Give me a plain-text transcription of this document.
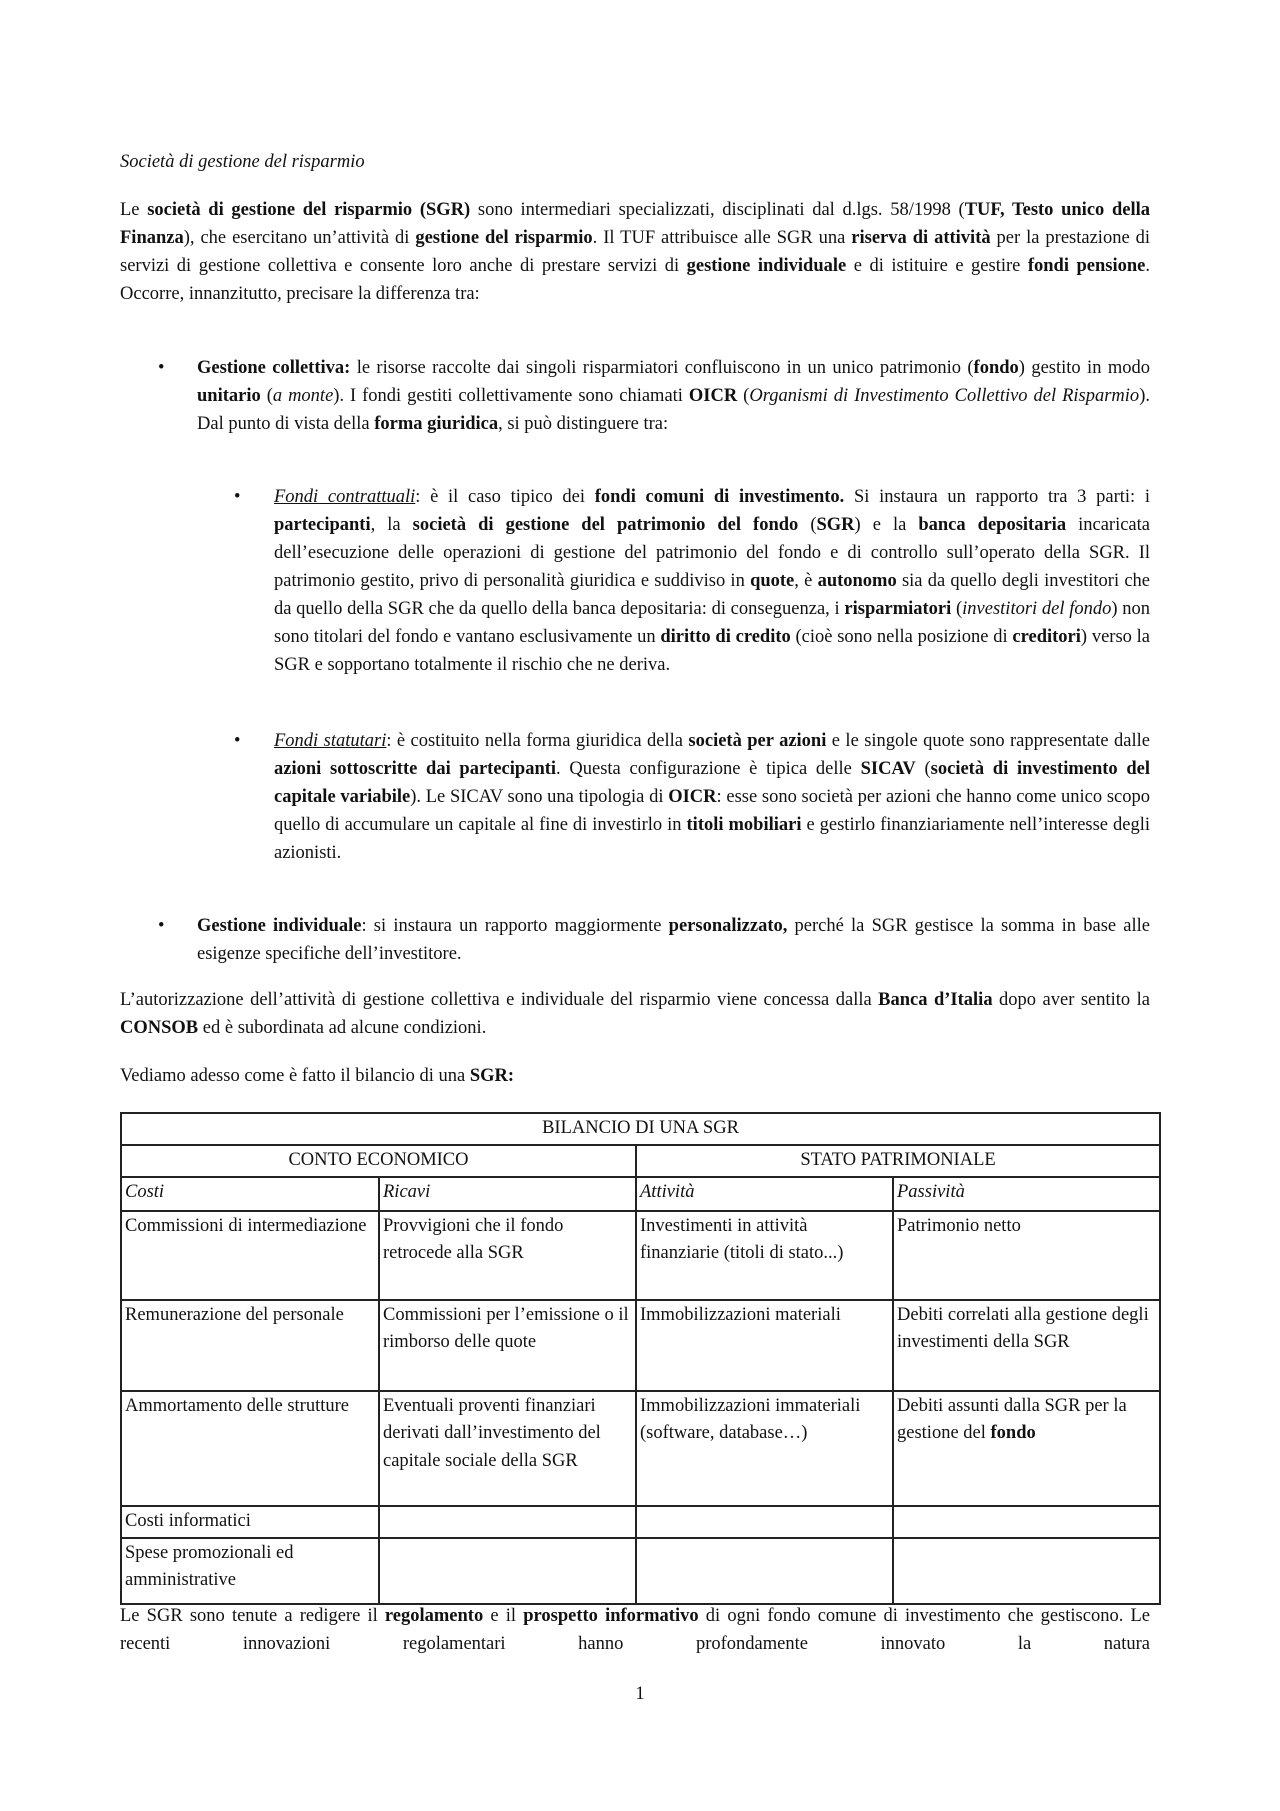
Società di gestione del risparmio
Le società di gestione del risparmio (SGR) sono intermediari specializzati, disciplinati dal d.lgs. 58/1998 (TUF, Testo unico della Finanza), che esercitano un’attività di gestione del risparmio. Il TUF attribuisce alle SGR una riserva di attività per la prestazione di servizi di gestione collettiva e consente loro anche di prestare servizi di gestione individuale e di istituire e gestire fondi pensione. Occorre, innanzitutto, precisare la differenza tra:
• Gestione collettiva: le risorse raccolte dai singoli risparmiatori confluiscono in un unico patrimonio (fondo) gestito in modo unitario (a monte). I fondi gestiti collettivamente sono chiamati OICR (Organismi di Investimento Collettivo del Risparmio). Dal punto di vista della forma giuridica, si può distinguere tra:
• Fondi contrattuali: è il caso tipico dei fondi comuni di investimento. Si instaura un rapporto tra 3 parti: i partecipanti, la società di gestione del patrimonio del fondo (SGR) e la banca depositaria incaricata dell’esecuzione delle operazioni di gestione del patrimonio del fondo e di controllo sull’operato della SGR. Il patrimonio gestito, privo di personalità giuridica e suddiviso in quote, è autonomo sia da quello degli investitori che da quello della SGR che da quello della banca depositaria: di conseguenza, i risparmiatori (investitori del fondo) non sono titolari del fondo e vantano esclusivamente un diritto di credito (cioè sono nella posizione di creditori) verso la SGR e sopportano totalmente il rischio che ne deriva.
• Fondi statutari: è costituito nella forma giuridica della società per azioni e le singole quote sono rappresentate dalle azioni sottoscritte dai partecipanti. Questa configurazione è tipica delle SICAV (società di investimento del capitale variabile). Le SICAV sono una tipologia di OICR: esse sono società per azioni che hanno come unico scopo quello di accumulare un capitale al fine di investirlo in titoli mobiliari e gestirlo finanziariamente nell’interesse degli azionisti.
• Gestione individuale: si instaura un rapporto maggiormente personalizzato, perché la SGR gestisce la somma in base alle esigenze specifiche dell’investitore.
L’autorizzazione dell’attività di gestione collettiva e individuale del risparmio viene concessa dalla Banca d’Italia dopo aver sentito la CONSOB ed è subordinata ad alcune condizioni.
Vediamo adesso come è fatto il bilancio di una SGR:
BILANCIO DI UNA SGR			
CONTO ECONOMICO		STATO PATRIMONIALE	
Costi	Ricavi	Attività	Passività
Commissioni di intermediazione	Provvigioni che il fondo retrocede alla SGR	Investimenti in attività finanziarie (titoli di stato...)	Patrimonio netto
Remunerazione del personale	Commissioni per l’emissione o il rimborso delle quote	Immobilizzazioni materiali	Debiti correlati alla gestione degli investimenti della SGR
Ammortamento delle strutture	Eventuali proventi finanziari derivati dall’investimento del capitale sociale della SGR	Immobilizzazioni immateriali (software, database…)	Debiti assunti dalla SGR per la gestione del fondo
Costi informatici			
Spese promozionali ed amministrative			
Le SGR sono tenute a redigere il regolamento e il prospetto informativo di ogni fondo comune di investimento che gestiscono. Le recenti innovazioni regolamentari hanno profondamente innovato la natura
1
